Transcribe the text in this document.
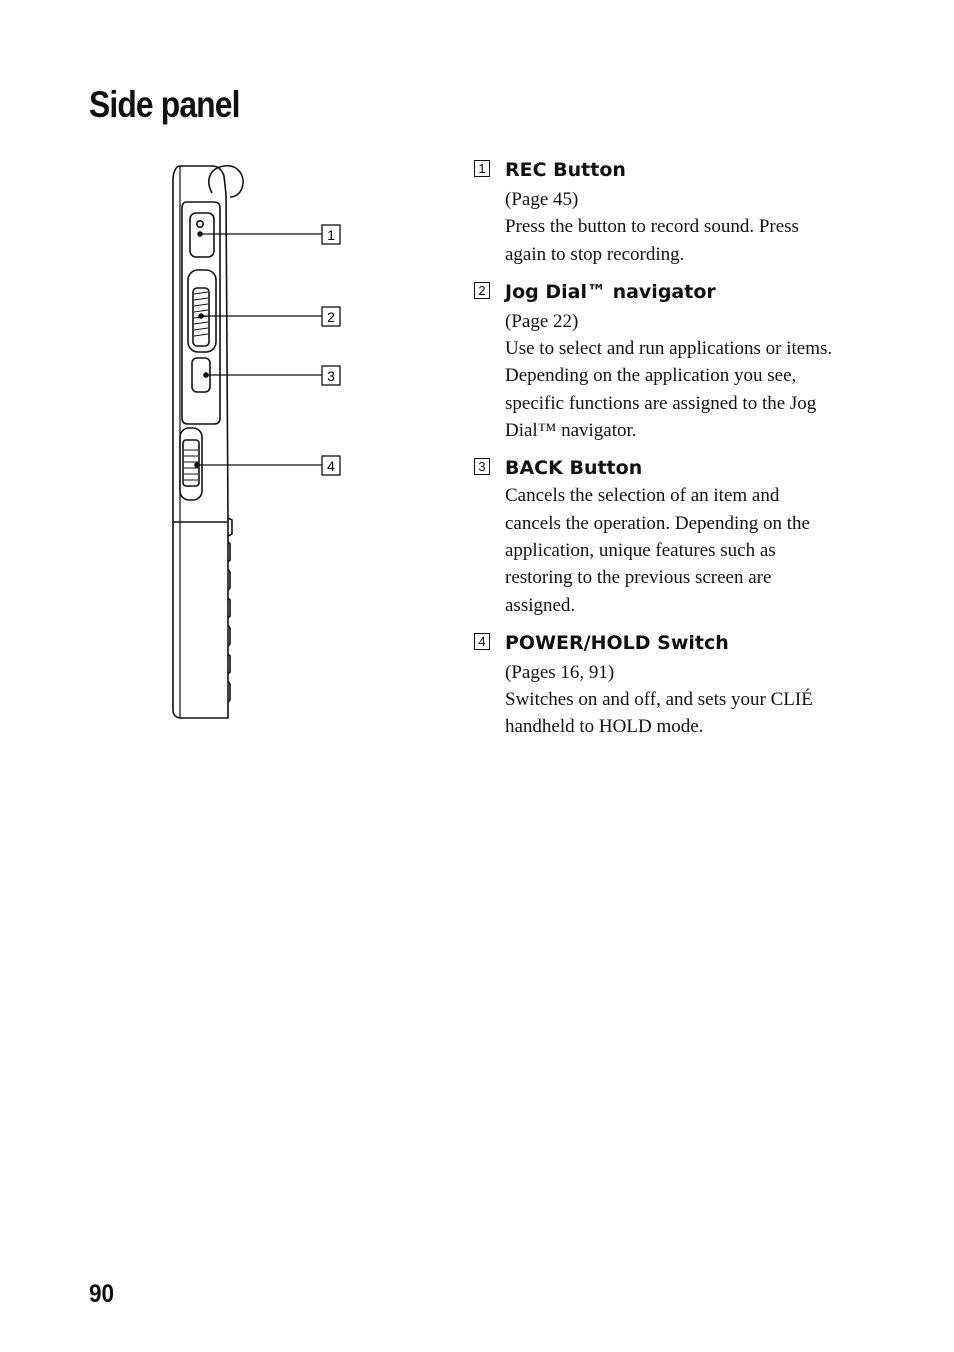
Side panel
1
2
3
4
1 REC Button
(Page 45)
Press the button to record sound. Press again to stop recording.
2 Jog Dial™ navigator
(Page 22)
Use to select and run applications or items. Depending on the application you see, specific functions are assigned to the Jog Dial™ navigator.
3 BACK Button
Cancels the selection of an item and cancels the operation. Depending on the application, unique features such as restoring to the previous screen are assigned.
4 POWER/HOLD Switch
(Pages 16, 91)
Switches on and off, and sets your CLIÉ handheld to HOLD mode.
90
